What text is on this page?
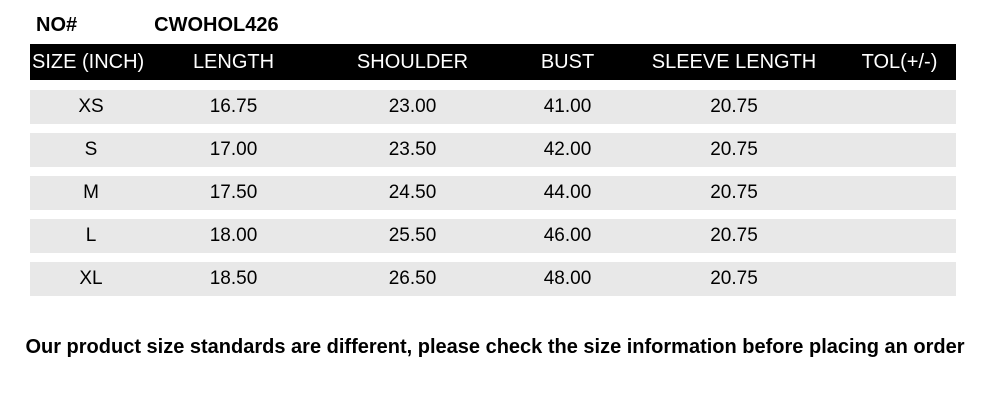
NO#	CWOHOL426
SIZE (INCH)	LENGTH	SHOULDER	BUST	SLEEVE LENGTH	TOL(+/-)
XS	16.75	23.00	41.00	20.75
S	17.00	23.50	42.00	20.75
M	17.50	24.50	44.00	20.75
L	18.00	25.50	46.00	20.75
XL	18.50	26.50	48.00	20.75
Our product size standards are different, please check the size information before placing an order
